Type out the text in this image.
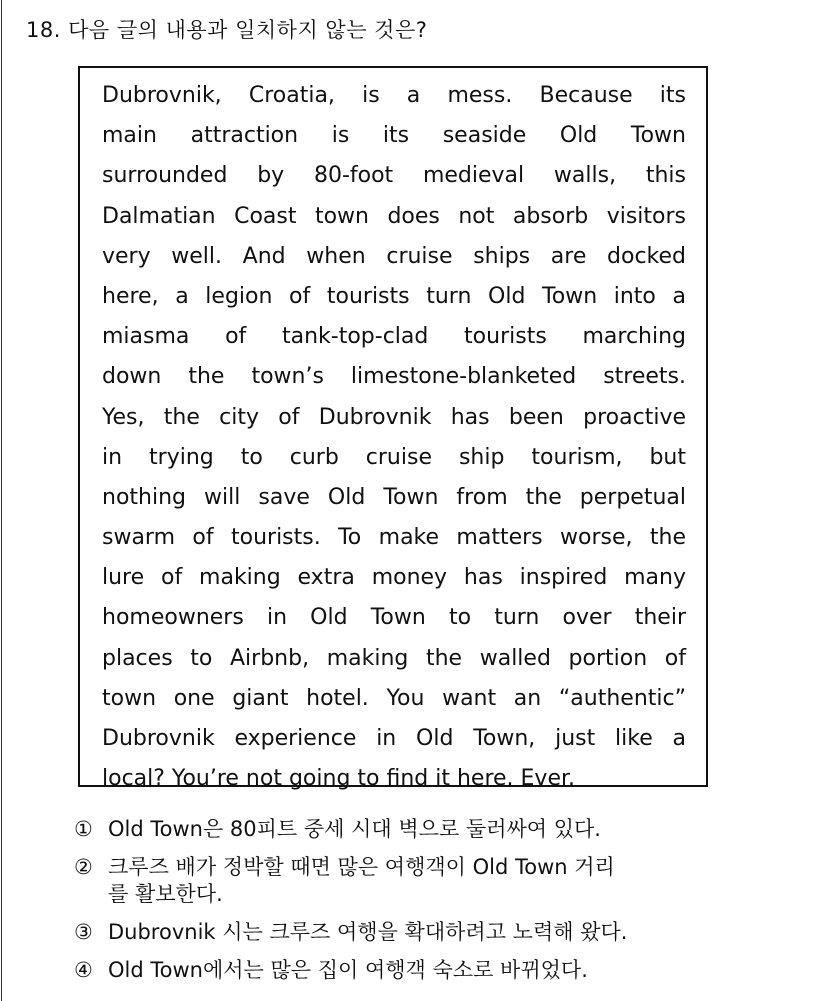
18. 다음 글의 내용과 일치하지 않는 것은?
Dubrovnik, Croatia, is a mess. Because its
main attraction is its seaside Old Town
surrounded by 80-foot medieval walls, this
Dalmatian Coast town does not absorb visitors
very well. And when cruise ships are docked
here, a legion of tourists turn Old Town into a
miasma of tank-top-clad tourists marching
down the town’s limestone-blanketed streets.
Yes, the city of Dubrovnik has been proactive
in trying to curb cruise ship tourism, but
nothing will save Old Town from the perpetual
swarm of tourists. To make matters worse, the
lure of making extra money has inspired many
homeowners in Old Town to turn over their
places to Airbnb, making the walled portion of
town one giant hotel. You want an “authentic”
Dubrovnik experience in Old Town, just like a
local? You’re not going to find it here. Ever.
① Old Town은 80피트 중세 시대 벽으로 둘러싸여 있다.
② 크루즈 배가 정박할 때면 많은 여행객이 Old Town 거리
를 활보한다.
③ Dubrovnik 시는 크루즈 여행을 확대하려고 노력해 왔다.
④ Old Town에서는 많은 집이 여행객 숙소로 바뀌었다.
